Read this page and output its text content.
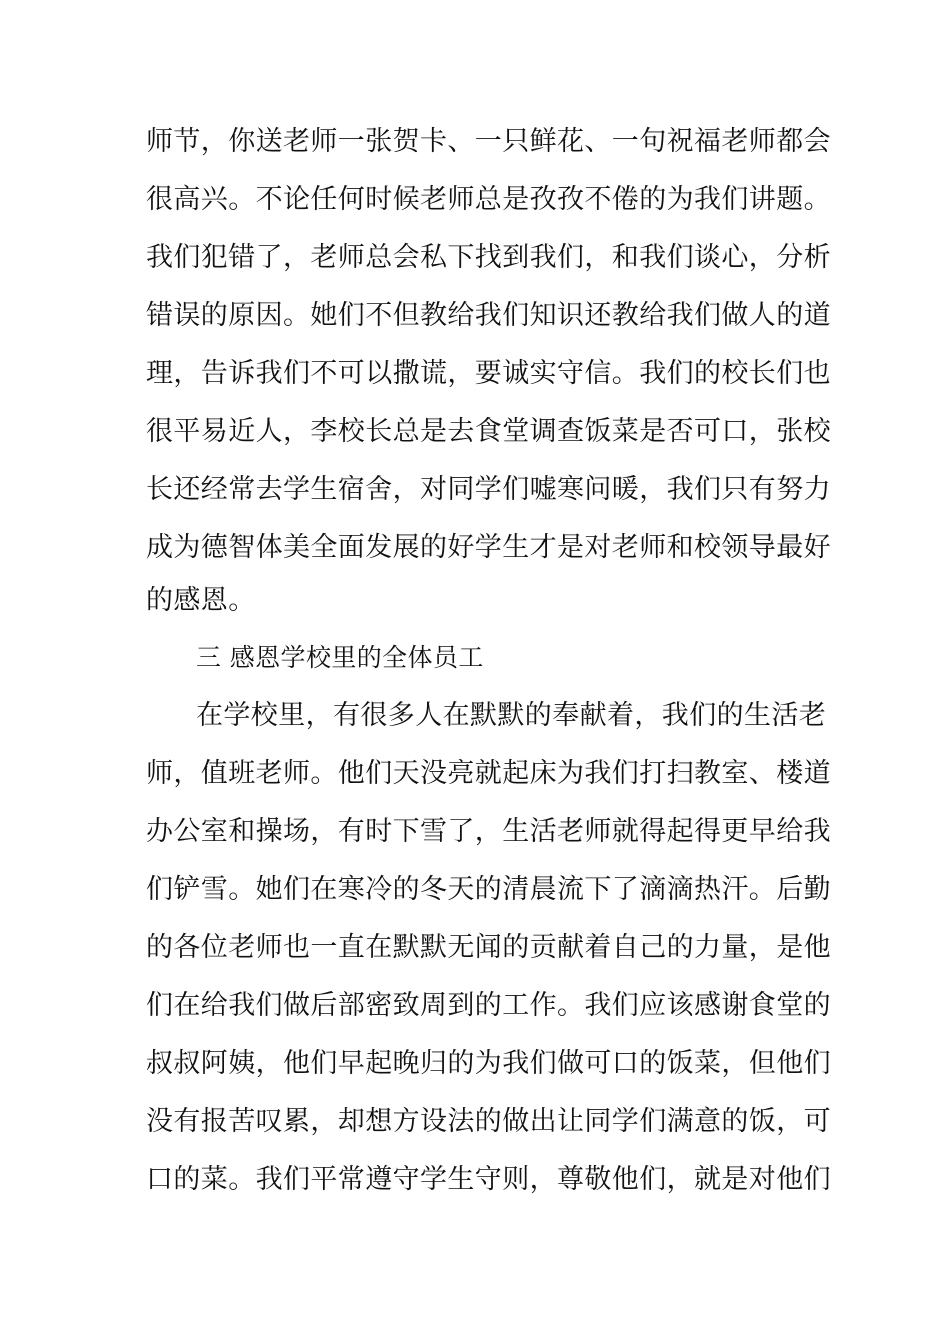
师节，你送老师一张贺卡、一只鲜花、一句祝福老师都会
很高兴。不论任何时候老师总是孜孜不倦的为我们讲题。
我们犯错了，老师总会私下找到我们，和我们谈心，分析
错误的原因。她们不但教给我们知识还教给我们做人的道
理，告诉我们不可以撒谎，要诚实守信。我们的校长们也
很平易近人，李校长总是去食堂调查饭菜是否可口，张校
长还经常去学生宿舍，对同学们嘘寒问暖，我们只有努力
成为德智体美全面发展的好学生才是对老师和校领导最好
的感恩。
三 感恩学校里的全体员工
在学校里，有很多人在默默的奉献着，我们的生活老
师，值班老师。他们天没亮就起床为我们打扫教室、楼道
办公室和操场，有时下雪了，生活老师就得起得更早给我
们铲雪。她们在寒冷的冬天的清晨流下了滴滴热汗。后勤
的各位老师也一直在默默无闻的贡献着自己的力量，是他
们在给我们做后部密致周到的工作。我们应该感谢食堂的
叔叔阿姨，他们早起晚归的为我们做可口的饭菜，但他们
没有报苦叹累，却想方设法的做出让同学们满意的饭，可
口的菜。我们平常遵守学生守则，尊敬他们，就是对他们
